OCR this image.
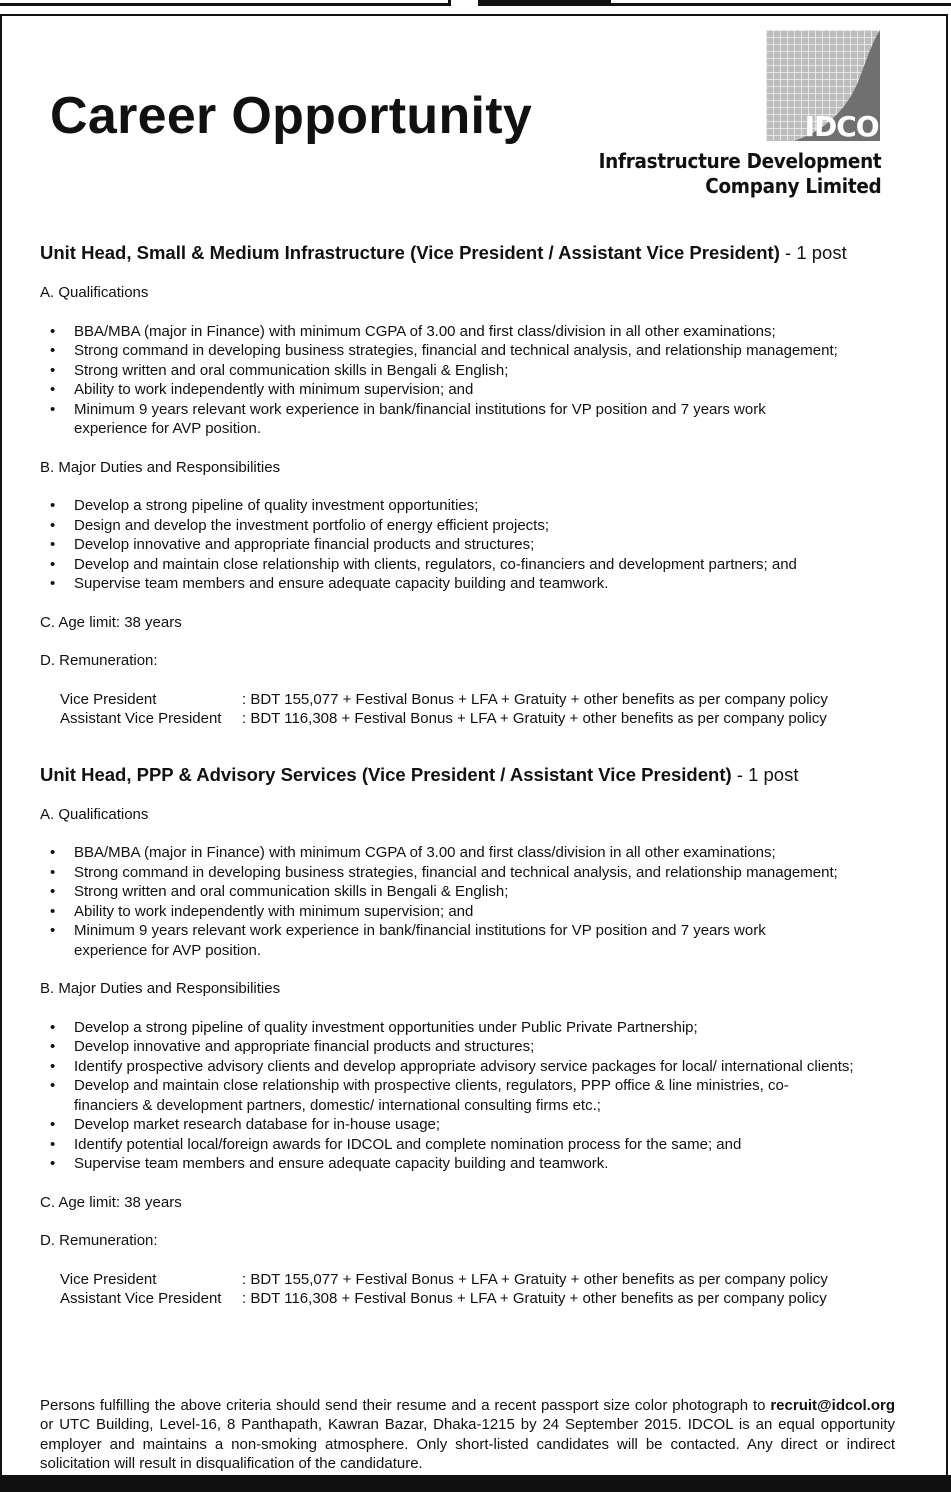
Career Opportunity	IDCOL
Infrastructure Development
Company Limited

Unit Head, Small & Medium Infrastructure (Vice President / Assistant Vice President) - 1 post

A. Qualifications

• BBA/MBA (major in Finance) with minimum CGPA of 3.00 and first class/division in all other examinations;
• Strong command in developing business strategies, financial and technical analysis, and relationship management;
• Strong written and oral communication skills in Bengali & English;
• Ability to work independently with minimum supervision; and
• Minimum 9 years relevant work experience in bank/financial institutions for VP position and 7 years work experience for AVP position.

B. Major Duties and Responsibilities

• Develop a strong pipeline of quality investment opportunities;
• Design and develop the investment portfolio of energy efficient projects;
• Develop innovative and appropriate financial products and structures;
• Develop and maintain close relationship with clients, regulators, co-financiers and development partners; and
• Supervise team members and ensure adequate capacity building and teamwork.

C. Age limit: 38 years

D. Remuneration:

Vice President	: BDT 155,077 + Festival Bonus + LFA + Gratuity + other benefits as per company policy
Assistant Vice President	: BDT 116,308 + Festival Bonus + LFA + Gratuity + other benefits as per company policy

Unit Head, PPP & Advisory Services (Vice President / Assistant Vice President) - 1 post

A. Qualifications

• BBA/MBA (major in Finance) with minimum CGPA of 3.00 and first class/division in all other examinations;
• Strong command in developing business strategies, financial and technical analysis, and relationship management;
• Strong written and oral communication skills in Bengali & English;
• Ability to work independently with minimum supervision; and
• Minimum 9 years relevant work experience in bank/financial institutions for VP position and 7 years work experience for AVP position.

B. Major Duties and Responsibilities

• Develop a strong pipeline of quality investment opportunities under Public Private Partnership;
• Develop innovative and appropriate financial products and structures;
• Identify prospective advisory clients and develop appropriate advisory service packages for local/ international clients;
• Develop and maintain close relationship with prospective clients, regulators, PPP office & line ministries, co-financiers & development partners, domestic/ international consulting firms etc.;
• Develop market research database for in-house usage;
• Identify potential local/foreign awards for IDCOL and complete nomination process for the same; and
• Supervise team members and ensure adequate capacity building and teamwork.

C. Age limit: 38 years

D. Remuneration:

Vice President	: BDT 155,077 + Festival Bonus + LFA + Gratuity + other benefits as per company policy
Assistant Vice President	: BDT 116,308 + Festival Bonus + LFA + Gratuity + other benefits as per company policy

Persons fulfilling the above criteria should send their resume and a recent passport size color photograph to recruit@idcol.org or UTC Building, Level-16, 8 Panthapath, Kawran Bazar, Dhaka-1215 by 24 September 2015. IDCOL is an equal opportunity employer and maintains a non-smoking atmosphere. Only short-listed candidates will be contacted. Any direct or indirect solicitation will result in disqualification of the candidature.
